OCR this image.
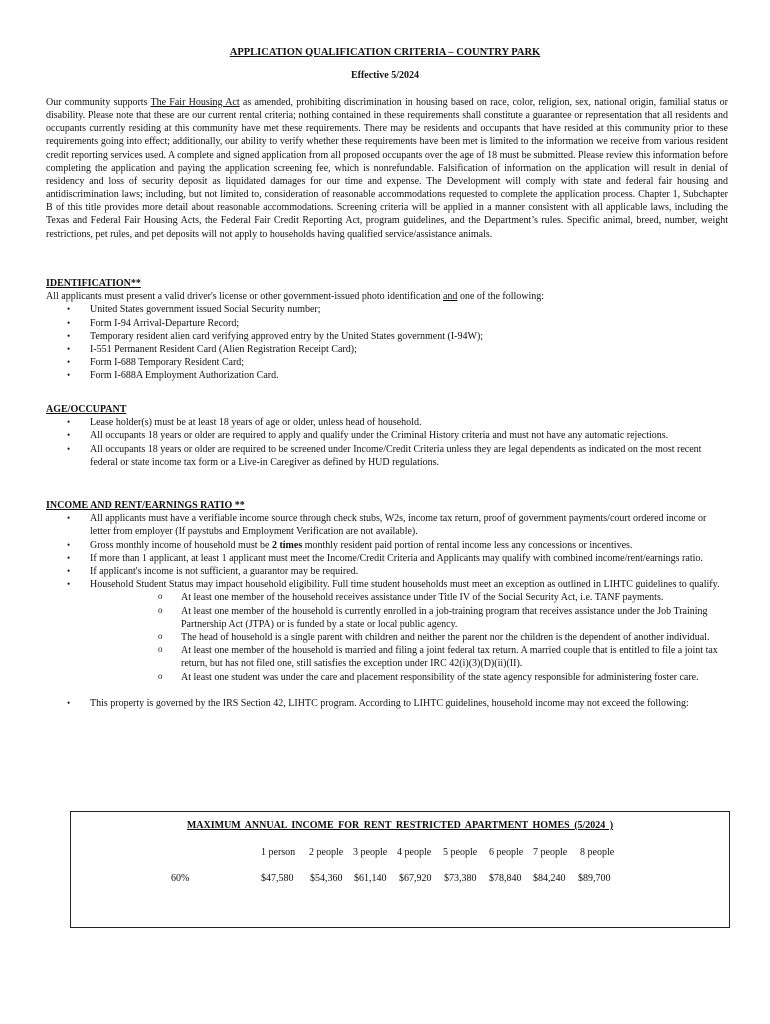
APPLICATION QUALIFICATION CRITERIA – COUNTRY PARK
Effective 5/2024
Our community supports The Fair Housing Act as amended, prohibiting discrimination in housing based on race, color, religion, sex, national origin, familial status or disability. Please note that these are our current rental criteria; nothing contained in these requirements shall constitute a guarantee or representation that all residents and occupants currently residing at this community have met these requirements. There may be residents and occupants that have resided at this community prior to these requirements going into effect; additionally, our ability to verify whether these requirements have been met is limited to the information we receive from various resident credit reporting services used. A complete and signed application from all proposed occupants over the age of 18 must be submitted. Please review this information before completing the application and paying the application screening fee, which is nonrefundable. Falsification of information on the application will result in denial of residency and loss of security deposit as liquidated damages for our time and expense. The Development will comply with state and federal fair housing and antidiscrimination laws; including, but not limited to, consideration of reasonable accommodations requested to complete the application process. Chapter 1, Subchapter B of this title provides more detail about reasonable accommodations. Screening criteria will be applied in a manner consistent with all applicable laws, including the Texas and Federal Fair Housing Acts, the Federal Fair Credit Reporting Act, program guidelines, and the Department’s rules. Specific animal, breed, number, weight restrictions, pet rules, and pet deposits will not apply to households having qualified service/assistance animals.
IDENTIFICATION**
All applicants must present a valid driver's license or other government-issued photo identification and one of the following:
• United States government issued Social Security number;
• Form I-94 Arrival-Departure Record;
• Temporary resident alien card verifying approved entry by the United States government (I-94W);
• I-551 Permanent Resident Card (Alien Registration Receipt Card);
• Form I-688 Temporary Resident Card;
• Form I-688A Employment Authorization Card.
AGE/OCCUPANT
• Lease holder(s) must be at least 18 years of age or older, unless head of household.
• All occupants 18 years or older are required to apply and qualify under the Criminal History criteria and must not have any automatic rejections.
• All occupants 18 years or older are required to be screened under Income/Credit Criteria unless they are legal dependents as indicated on the most recent federal or state income tax form or a Live-in Caregiver as defined by HUD regulations.
INCOME AND RENT/EARNINGS RATIO **
• All applicants must have a verifiable income source through check stubs, W2s, income tax return, proof of government payments/court ordered income or letter from employer (If paystubs and Employment Verification are not available).
• Gross monthly income of household must be 2 times monthly resident paid portion of rental income less any concessions or incentives.
• If more than 1 applicant, at least 1 applicant must meet the Income/Credit Criteria and Applicants may qualify with combined income/rent/earnings ratio.
• If applicant's income is not sufficient, a guarantor may be required.
• Household Student Status may impact household eligibility. Full time student households must meet an exception as outlined in LIHTC guidelines to qualify.
o At least one member of the household receives assistance under Title IV of the Social Security Act, i.e. TANF payments.
o At least one member of the household is currently enrolled in a job-training program that receives assistance under the Job Training Partnership Act (JTPA) or is funded by a state or local public agency.
o The head of household is a single parent with children and neither the parent nor the children is the dependent of another individual.
o At least one member of the household is married and filing a joint federal tax return. A married couple that is entitled to file a joint tax return, but has not filed one, still satisfies the exception under IRC 42(i)(3)(D)(ii)(II).
o At least one student was under the care and placement responsibility of the state agency responsible for administering foster care.
• This property is governed by the IRS Section 42, LIHTC program. According to LIHTC guidelines, household income may not exceed the following:
MAXIMUM ANNUAL INCOME FOR RENT RESTRICTED APARTMENT HOMES (5/2024 )
1 person 2 people 3 people 4 people 5 people 6 people 7 people 8 people
60%	$47,580 $54,360 $61,140 $67,920 $73,380 $78,840 $84,240 $89,700
